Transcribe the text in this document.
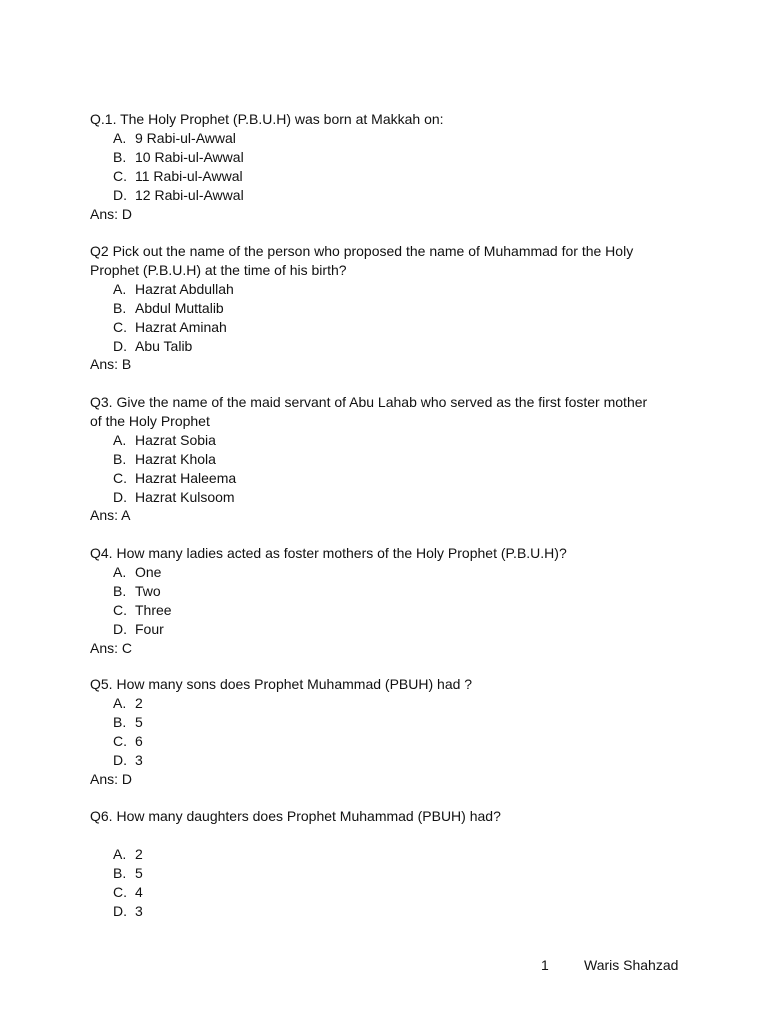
Q.1. The Holy Prophet (P.B.U.H) was born at Makkah on:
A. 9 Rabi-ul-Awwal
B. 10 Rabi-ul-Awwal
C. 11 Rabi-ul-Awwal
D. 12 Rabi-ul-Awwal
Ans: D
Q2 Pick out the name of the person who proposed the name of Muhammad for the Holy Prophet (P.B.U.H) at the time of his birth?
A. Hazrat Abdullah
B. Abdul Muttalib
C. Hazrat Aminah
D. Abu Talib
Ans: B
Q3. Give the name of the maid servant of Abu Lahab who served as the first foster mother of the Holy Prophet
A. Hazrat Sobia
B. Hazrat Khola
C. Hazrat Haleema
D. Hazrat Kulsoom
Ans: A
Q4. How many ladies acted as foster mothers of the Holy Prophet (P.B.U.H)?
A. One
B. Two
C. Three
D. Four
Ans: C
Q5. How many sons does Prophet Muhammad (PBUH) had ?
A. 2
B. 5
C. 6
D. 3
Ans: D
Q6. How many daughters does Prophet Muhammad (PBUH) had?
A. 2
B. 5
C. 4
D. 3
1	Waris Shahzad
